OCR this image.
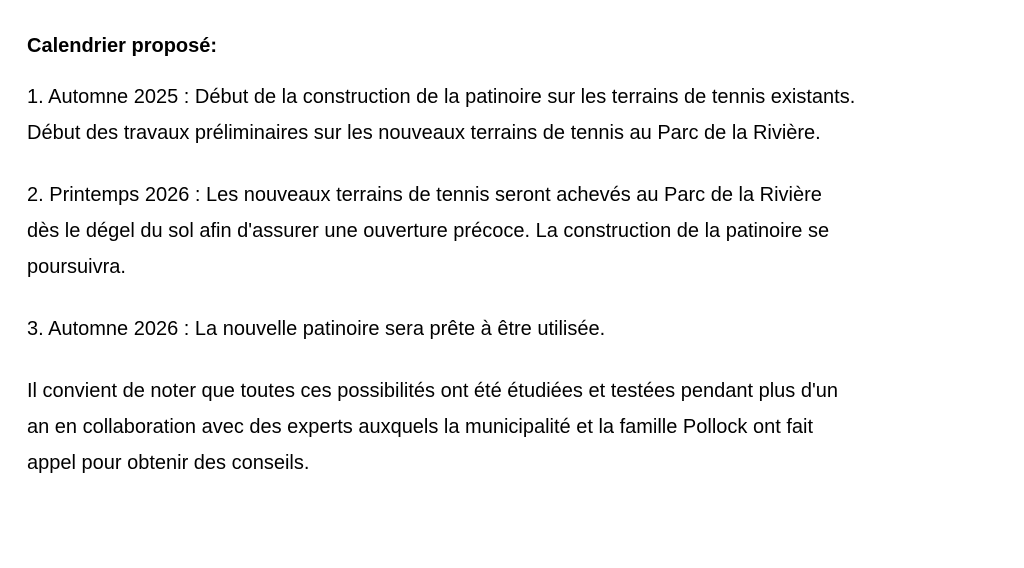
Calendrier proposé:
1. Automne 2025 : Début de la construction de la patinoire sur les terrains de tennis existants.
Début des travaux préliminaires sur les nouveaux terrains de tennis au Parc de la Rivière.
2. Printemps 2026 : Les nouveaux terrains de tennis seront achevés au Parc de la Rivière
dès le dégel du sol afin d'assurer une ouverture précoce. La construction de la patinoire se
poursuivra.
3. Automne 2026 : La nouvelle patinoire sera prête à être utilisée.
Il convient de noter que toutes ces possibilités ont été étudiées et testées pendant plus d'un
an en collaboration avec des experts auxquels la municipalité et la famille Pollock ont fait
appel pour obtenir des conseils.
